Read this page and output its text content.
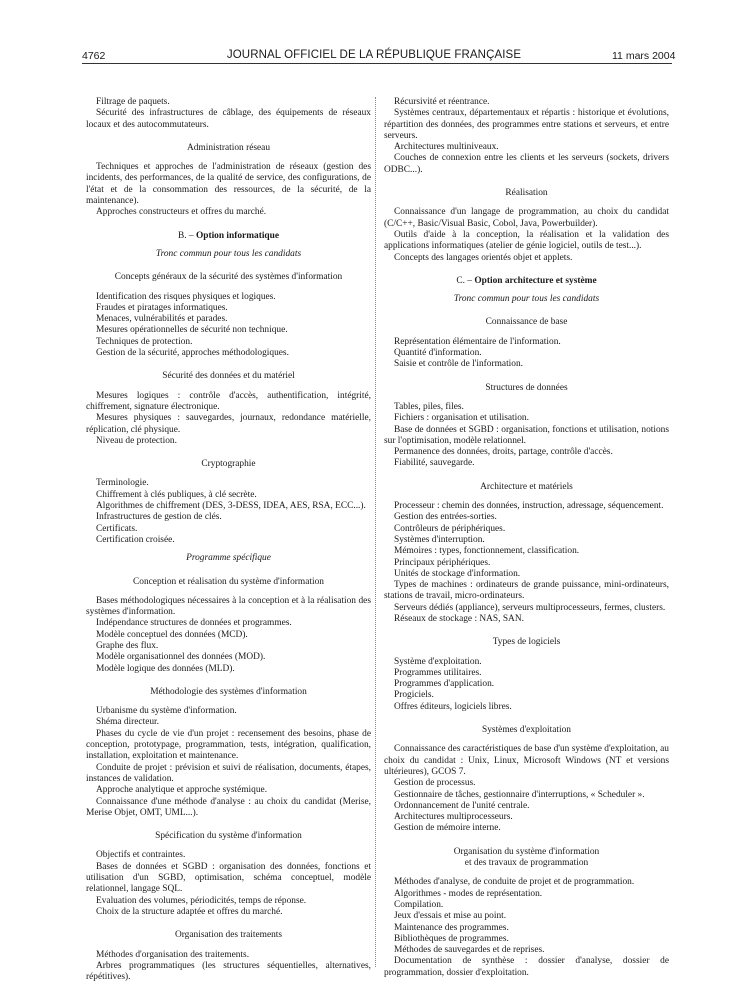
4762	JOURNAL OFFICIEL DE LA RÉPUBLIQUE FRANÇAISE	11 mars 2004

Filtrage de paquets.

Sécurité des infrastructures de câblage, des équipements de réseaux locaux et des autocommutateurs.

Administration réseau

Techniques et approches de l'administration de réseaux (gestion des incidents, des performances, de la qualité de service, des configurations, de l'état et de la consommation des ressources, de la sécurité, de la maintenance).

Approches constructeurs et offres du marché.

B. – Option informatique
Tronc commun pour tous les candidats
Concepts généraux de la sécurité des systèmes d'information

Identification des risques physiques et logiques.

Fraudes et piratages informatiques.

Menaces, vulnérabilités et parades.

Mesures opérationnelles de sécurité non technique.

Techniques de protection.

Gestion de la sécurité, approches méthodologiques.

Sécurité des données et du matériel

Mesures logiques : contrôle d'accès, authentification, intégrité, chiffrement, signature électronique.

Mesures physiques : sauvegardes, journaux, redondance matérielle, réplication, clé physique.

Niveau de protection.

Cryptographie

Terminologie.

Chiffrement à clés publiques, à clé secrète.

Algorithmes de chiffrement (DES, 3-DESS, IDEA, AES, RSA, ECC...).

Infrastructures de gestion de clés.

Certificats.

Certification croisée.

Programme spécifique
Conception et réalisation du système d'information

Bases méthodologiques nécessaires à la conception et à la réalisation des systèmes d'information.

Indépendance structures de données et programmes.

Modèle conceptuel des données (MCD).

Graphe des flux.

Modèle organisationnel des données (MOD).

Modèle logique des données (MLD).

Méthodologie des systèmes d'information

Urbanisme du système d'information.

Shéma directeur.

Phases du cycle de vie d'un projet : recensement des besoins, phase de conception, prototypage, programmation, tests, intégration, qualification, installation, exploitation et maintenance.

Conduite de projet : prévision et suivi de réalisation, documents, étapes, instances de validation.

Approche analytique et approche systémique.

Connaissance d'une méthode d'analyse : au choix du candidat (Merise, Merise Objet, OMT, UML...).

Spécification du système d'information

Objectifs et contraintes.

Bases de données et SGBD : organisation des données, fonctions et utilisation d'un SGBD, optimisation, schéma conceptuel, modèle relationnel, langage SQL.

Evaluation des volumes, périodicités, temps de réponse.

Choix de la structure adaptée et offres du marché.

Organisation des traitements

Méthodes d'organisation des traitements.

Arbres programmatiques (les structures séquentielles, alternatives, répétitives).

Récursivité et réentrance.

Systèmes centraux, départementaux et répartis : historique et évolutions, répartition des données, des programmes entre stations et serveurs, et entre serveurs.

Architectures multiniveaux.

Couches de connexion entre les clients et les serveurs (sockets, drivers ODBC...).

Réalisation

Connaissance d'un langage de programmation, au choix du candidat (C/C++, Basic/Visual Basic, Cobol, Java, Powerbuilder).

Outils d'aide à la conception, la réalisation et la validation des applications informatiques (atelier de génie logiciel, outils de test...).

Concepts des langages orientés objet et applets.

C. – Option architecture et système
Tronc commun pour tous les candidats
Connaissance de base

Représentation élémentaire de l'information.

Quantité d'information.

Saisie et contrôle de l'information.

Structures de données

Tables, piles, files.

Fichiers : organisation et utilisation.

Base de données et SGBD : organisation, fonctions et utilisation, notions sur l'optimisation, modèle relationnel.

Permanence des données, droits, partage, contrôle d'accès.

Fiabilité, sauvegarde.

Architecture et matériels

Processeur : chemin des données, instruction, adressage, séquencement.

Gestion des entrées-sorties.

Contrôleurs de périphériques.

Systèmes d'interruption.

Mémoires : types, fonctionnement, classification.

Principaux périphériques.

Unités de stockage d'information.

Types de machines : ordinateurs de grande puissance, mini-ordinateurs, stations de travail, micro-ordinateurs.

Serveurs dédiés (appliance), serveurs multiprocesseurs, fermes, clusters.

Réseaux de stockage : NAS, SAN.

Types de logiciels

Système d'exploitation.

Programmes utilitaires.

Programmes d'application.

Progiciels.

Offres éditeurs, logiciels libres.

Systèmes d'exploitation

Connaissance des caractéristiques de base d'un système d'exploitation, au choix du candidat : Unix, Linux, Microsoft Windows (NT et versions ultérieures), GCOS 7.

Gestion de processus.

Gestionnaire de tâches, gestionnaire d'interruptions, « Scheduler ».

Ordonnancement de l'unité centrale.

Architectures multiprocesseurs.

Gestion de mémoire interne.

Organisation du système d'information
et des travaux de programmation

Méthodes d'analyse, de conduite de projet et de programmation.

Algorithmes - modes de représentation.

Compilation.

Jeux d'essais et mise au point.

Maintenance des programmes.

Bibliothèques de programmes.

Méthodes de sauvegardes et de reprises.

Documentation de synthèse : dossier d'analyse, dossier de programmation, dossier d'exploitation.
